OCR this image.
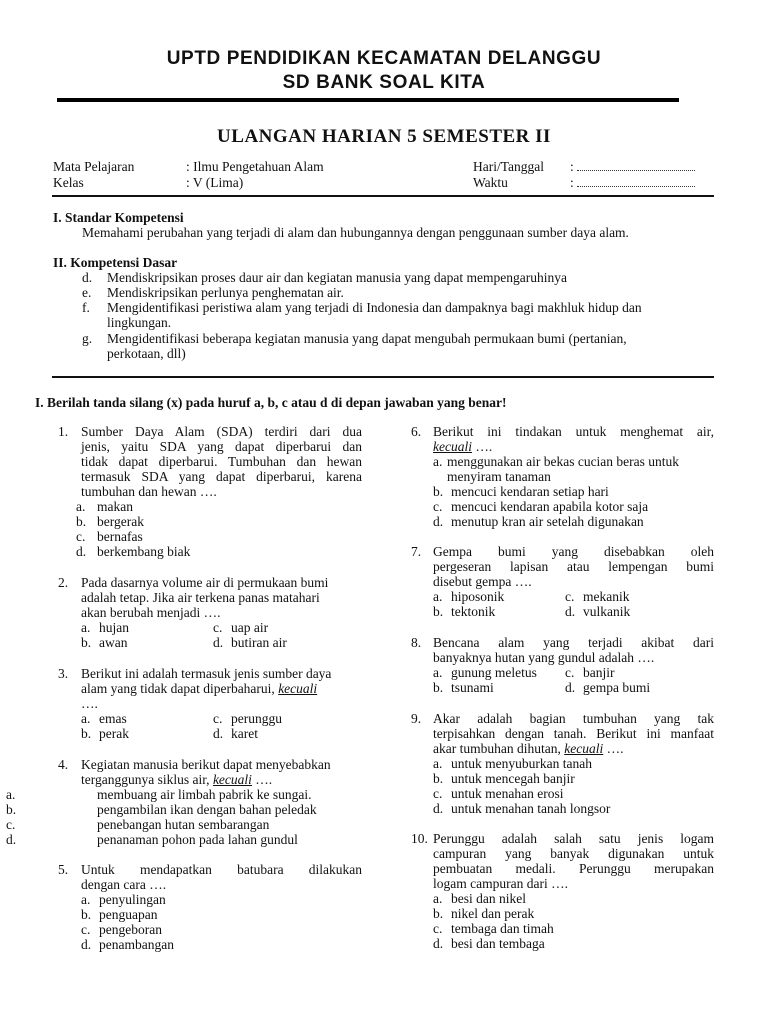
UPTD PENDIDIKAN KECAMATAN DELANGGU
SD BANK SOAL KITA
ULANGAN HARIAN 5 SEMESTER II
Mata Pelajaran	: Ilmu Pengetahuan Alam
Kelas	: V (Lima)
Hari/Tanggal :
Waktu	:
I. Standar Kompetensi
Memahami perubahan yang terjadi di alam dan hubungannya dengan penggunaan sumber daya alam.
II. Kompetensi Dasar
d. Mendiskripsikan proses daur air dan kegiatan manusia yang dapat mempengaruhinya
e. Mendiskripsikan perlunya penghematan air.
f. Mengidentifikasi peristiwa alam yang terjadi di Indonesia dan dampaknya bagi makhluk hidup dan
lingkungan.
g. Mengidentifikasi beberapa kegiatan manusia yang dapat mengubah permukaan bumi (pertanian,
perkotaan, dll)
I. Berilah tanda silang (x) pada huruf a, b, c atau d di depan jawaban yang benar!
1. Sumber Daya Alam (SDA) terdiri dari dua
jenis, yaitu SDA yang dapat diperbarui dan
tidak dapat diperbarui. Tumbuhan dan hewan
termasuk SDA yang dapat diperbarui, karena
tumbuhan dan hewan ….
a. makan
b. bergerak
c. bernafas
d. berkembang biak
2. Pada dasarnya volume air di permukaan bumi
adalah tetap. Jika air terkena panas matahari
akan berubah menjadi ….
a. hujan
b. awan
c. uap air
d. butiran air
3. Berikut ini adalah termasuk jenis sumber daya
alam yang tidak dapat diperbaharui, kecuali
….
a. emas
b. perak
c. perunggu
d. karet
4. Kegiatan manusia berikut dapat menyebabkan
terganggunya siklus air, kecuali ….
a.	membuang air limbah pabrik ke sungai.
b.	pengambilan ikan dengan bahan peledak
c.	penebangan hutan sembarangan
d.	penanaman pohon pada lahan gundul
5. Untuk mendapatkan batubara dilakukan
dengan cara ….
a. penyulingan
b. penguapan
c. pengeboran
d. penambangan
6. Berikut ini tindakan untuk menghemat air,
kecuali ….
a. menggunakan air bekas cucian beras untuk
menyiram tanaman
b. mencuci kendaran setiap hari
c. mencuci kendaran apabila kotor saja
d. menutup kran air setelah digunakan
7. Gempa bumi yang disebabkan oleh
pergeseran lapisan atau lempengan bumi
disebut gempa ….
a. hiposonik
b. tektonik
c. mekanik
d. vulkanik
8. Bencana alam yang terjadi akibat dari
banyaknya hutan yang gundul adalah ….
a. gunung meletus
b. tsunami
c. banjir
d. gempa bumi
9. Akar adalah bagian tumbuhan yang tak
terpisahkan dengan tanah. Berikut ini manfaat
akar tumbuhan dihutan, kecuali ….
a. untuk menyuburkan tanah
b. untuk mencegah banjir
c. untuk menahan erosi
d. untuk menahan tanah longsor
10. Perunggu adalah salah satu jenis logam
campuran yang banyak digunakan untuk
pembuatan medali. Perunggu merupakan
logam campuran dari ….
a. besi dan nikel
b. nikel dan perak
c. tembaga dan timah
d. besi dan tembaga
